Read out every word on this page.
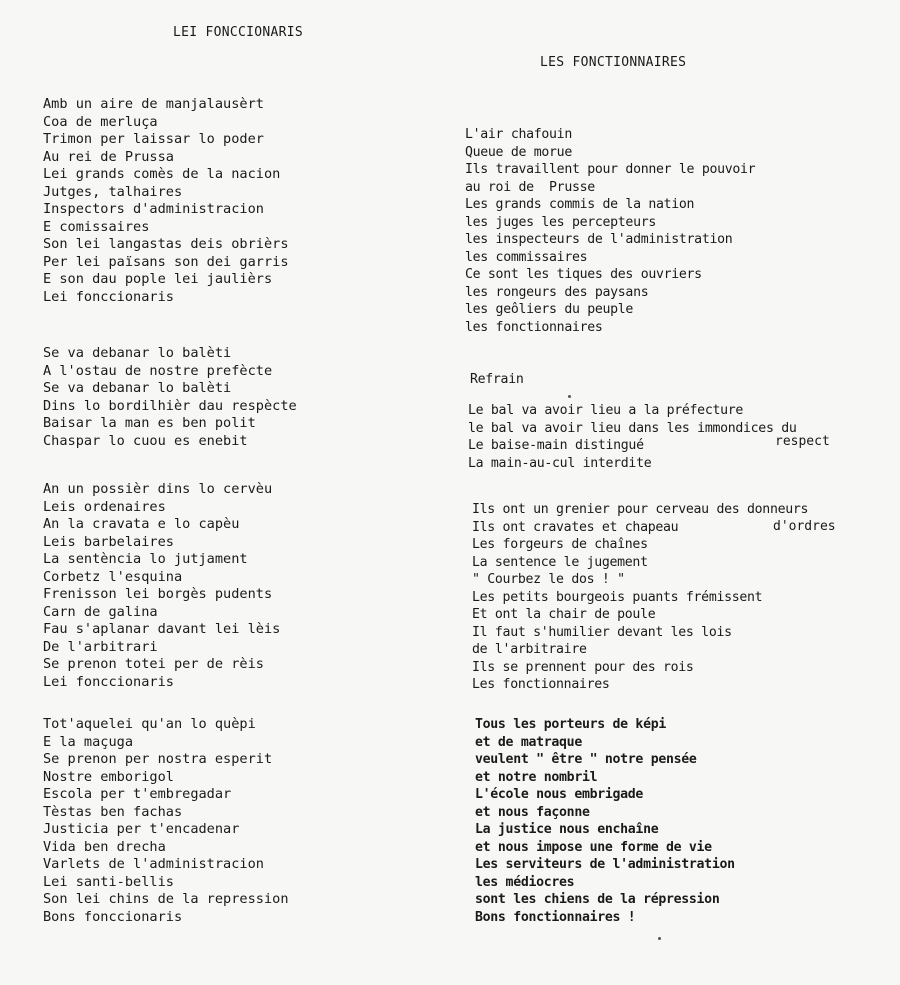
LEI FONCCIONARIS
LES FONCTIONNAIRES
Amb un aire de manjalausèrt
Coa de merluça
Trimon per laissar lo poder
Au rei de Prussa
Lei grands comès de la nacion
Jutges, talhaires
Inspectors d'administracion
E comissaires
Son lei langastas deis obrièrs
Per lei païsans son dei garris
E son dau pople lei jaulièrs
Lei fonccionaris
Se va debanar lo balèti
A l'ostau de nostre prefècte
Se va debanar lo balèti
Dins lo bordilhièr dau respècte
Baisar la man es ben polit
Chaspar lo cuou es enebit
An un possièr dins lo cervèu
Leis ordenaires
An la cravata e lo capèu
Leis barbelaires
La sentència lo jutjament
Corbetz l'esquina
Frenisson lei borgès pudents
Carn de galina
Fau s'aplanar davant lei lèis
De l'arbitrari
Se prenon totei per de rèis
Lei fonccionaris
Tot'aquelei qu'an lo quèpi
E la maçuga
Se prenon per nostra esperit
Nostre emborigol
Escola per t'embregadar
Tèstas ben fachas
Justicia per t'encadenar
Vida ben drecha
Varlets de l'administracion
Lei santi-bellis
Son lei chins de la repression
Bons fonccionaris
L'air chafouin
Queue de morue
Ils travaillent pour donner le pouvoir
au roi de  Prusse
Les grands commis de la nation
les juges les percepteurs
les inspecteurs de l'administration
les commissaires
Ce sont les tiques des ouvriers
les rongeurs des paysans
les geôliers du peuple
les fonctionnaires
Refrain
Le bal va avoir lieu a la préfecture
le bal va avoir lieu dans les immondices du
Le baise-main distingué
La main-au-cul interdite
respect
Ils ont un grenier pour cerveau des donneurs
Ils ont cravates et chapeau
Les forgeurs de chaînes
La sentence le jugement
" Courbez le dos ! "
Les petits bourgeois puants frémissent
Et ont la chair de poule
Il faut s'humilier devant les lois
de l'arbitraire
Ils se prennent pour des rois
Les fonctionnaires
d'ordres
Tous les porteurs de képi
et de matraque
veulent " être " notre pensée
et notre nombril
L'école nous embrigade
et nous façonne
La justice nous enchaîne
et nous impose une forme de vie
Les serviteurs de l'administration
les médiocres
sont les chiens de la répression
Bons fonctionnaires !
